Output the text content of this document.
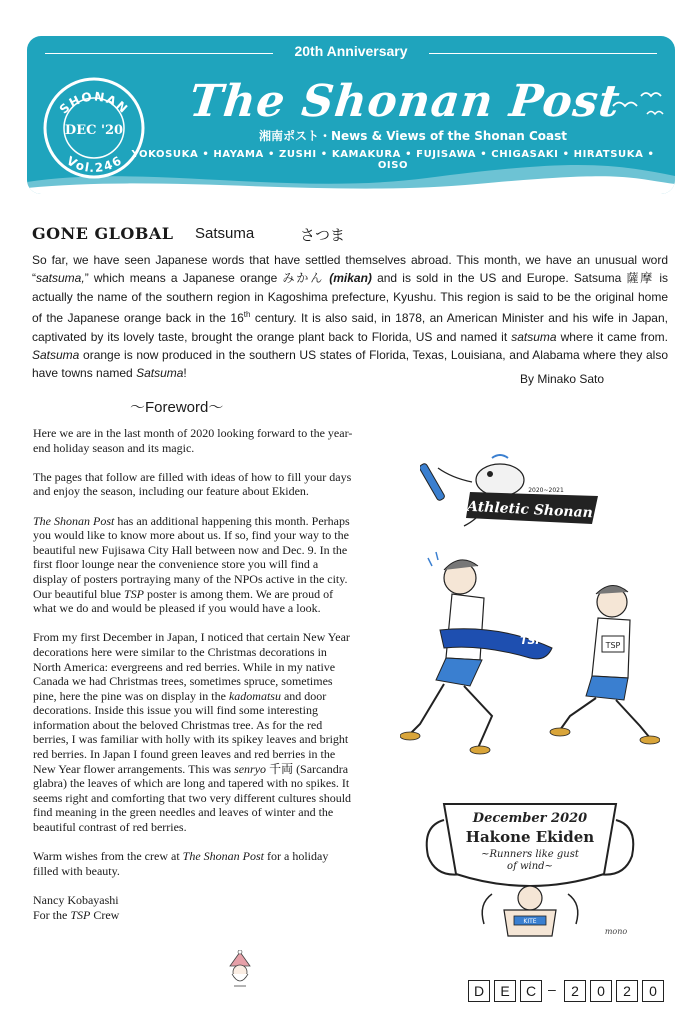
20th Anniversary
SHONAN
DEC '20
Vol.246
The Shonan Post
湘南ポスト・News & Views of the Shonan Coast
YOKOSUKA • HAYAMA • ZUSHI • KAMAKURA • FUJISAWA • CHIGASAKI • HIRATSUKA • OISO
GONE GLOBAL Satsuma	さつま
So far, we have seen Japanese words that have settled themselves abroad. This month, we have an unusual word “satsuma,” which means a Japanese orange みかん (mikan) and is sold in the US and Europe. Satsuma 薩摩 is actually the name of the southern region in Kagoshima prefecture, Kyushu. This region is said to be the original home of the Japanese orange back in the 16th century. It is also said, in 1878, an American Minister and his wife in Japan, captivated by its lovely taste, brought the orange plant back to Florida, US and named it satsuma where it came from. Satsuma orange is now produced in the southern US states of Florida, Texas, Louisiana, and Alabama where they also have towns named Satsuma!	By Minako Sato
～Foreword～

Here we are in the last month of 2020 looking forward to the year-end holiday season and its magic.

The pages that follow are filled with ideas of how to fill your days and enjoy the season, including our feature about Ekiden.

The Shonan Post has an additional happening this month. Perhaps you would like to know more about us. If so, find your way to the beautiful new Fujisawa City Hall between now and Dec. 9. In the first floor lounge near the convenience store you will find a display of posters portraying many of the NPOs active in the city. Our beautiful blue TSP poster is among them. We are proud of what we do and would be pleased if you would have a look.

From my first December in Japan, I noticed that certain New Year decorations here were similar to the Christmas decorations in North America: evergreens and red berries. While in my native Canada we had Christmas trees, sometimes spruce, sometimes pine, here the pine was on display in the kadomatsu and door decorations. Inside this issue you will find some interesting information about the beloved Christmas tree. As for the red berries, I was familiar with holly with its spikey leaves and bright red berries. In Japan I found green leaves and red berries in the New Year flower arrangements. This was senryo 千両 (Sarcandra glabra) the leaves of which are long and tapered with no spikes. It seems right and comforting that two very different cultures should find meaning in the green needles and leaves of winter and the beautiful contrast of red berries.

Warm wishes from the crew at The Shonan Post for a holiday filled with beauty.

Nancy Kobayashi
For the TSP Crew

Athletic Shonan
2020~2021
TSP	TSP
December 2020
Hakone Ekiden
~Runners like gust
of wind~
KITE
mono
D	E	C –	2	0	2	0
